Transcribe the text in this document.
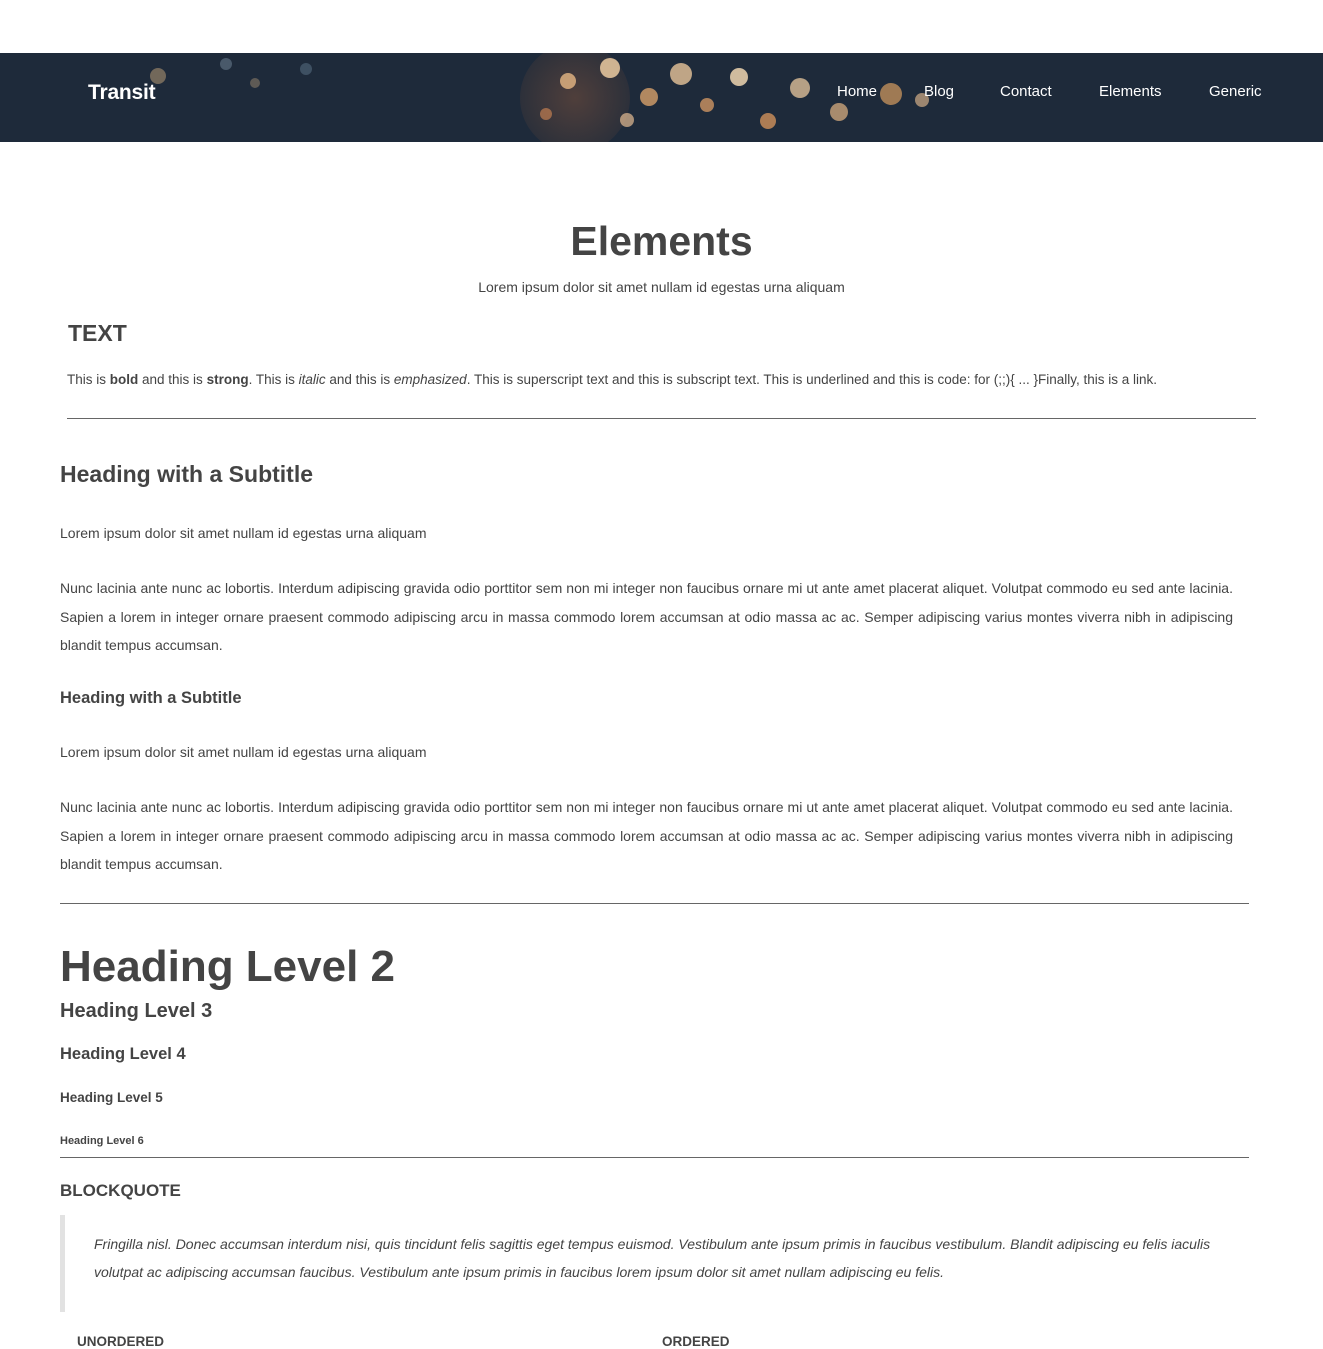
Transit	Home	Blog	Contact	Elements	Generic
Elements

Lorem ipsum dolor sit amet nullam id egestas urna aliquam

TEXT

This is bold and this is strong. This is italic and this is emphasized. This is superscript text and this is subscript text. This is underlined and this is code: for (;;){ ... }Finally, this is a link.

Heading with a Subtitle

Lorem ipsum dolor sit amet nullam id egestas urna aliquam

Nunc lacinia ante nunc ac lobortis. Interdum adipiscing gravida odio porttitor sem non mi integer non faucibus ornare mi ut ante amet placerat aliquet. Volutpat commodo eu sed ante lacinia. Sapien a lorem in integer ornare praesent commodo adipiscing arcu in massa commodo lorem accumsan at odio massa ac ac. Semper adipiscing varius montes viverra nibh in adipiscing blandit tempus accumsan.

Heading with a Subtitle

Lorem ipsum dolor sit amet nullam id egestas urna aliquam

Nunc lacinia ante nunc ac lobortis. Interdum adipiscing gravida odio porttitor sem non mi integer non faucibus ornare mi ut ante amet placerat aliquet. Volutpat commodo eu sed ante lacinia. Sapien a lorem in integer ornare praesent commodo adipiscing arcu in massa commodo lorem accumsan at odio massa ac ac. Semper adipiscing varius montes viverra nibh in adipiscing blandit tempus accumsan.

Heading Level 2
Heading Level 3
Heading Level 4
Heading Level 5
Heading Level 6
BLOCKQUOTE
Fringilla nisl. Donec accumsan interdum nisi, quis tincidunt felis sagittis eget tempus euismod. Vestibulum ante ipsum primis in faucibus vestibulum. Blandit adipiscing eu felis iaculis volutpat ac adipiscing accumsan faucibus. Vestibulum ante ipsum primis in faucibus lorem ipsum dolor sit amet nullam adipiscing eu felis.
UNORDERED	ORDERED
